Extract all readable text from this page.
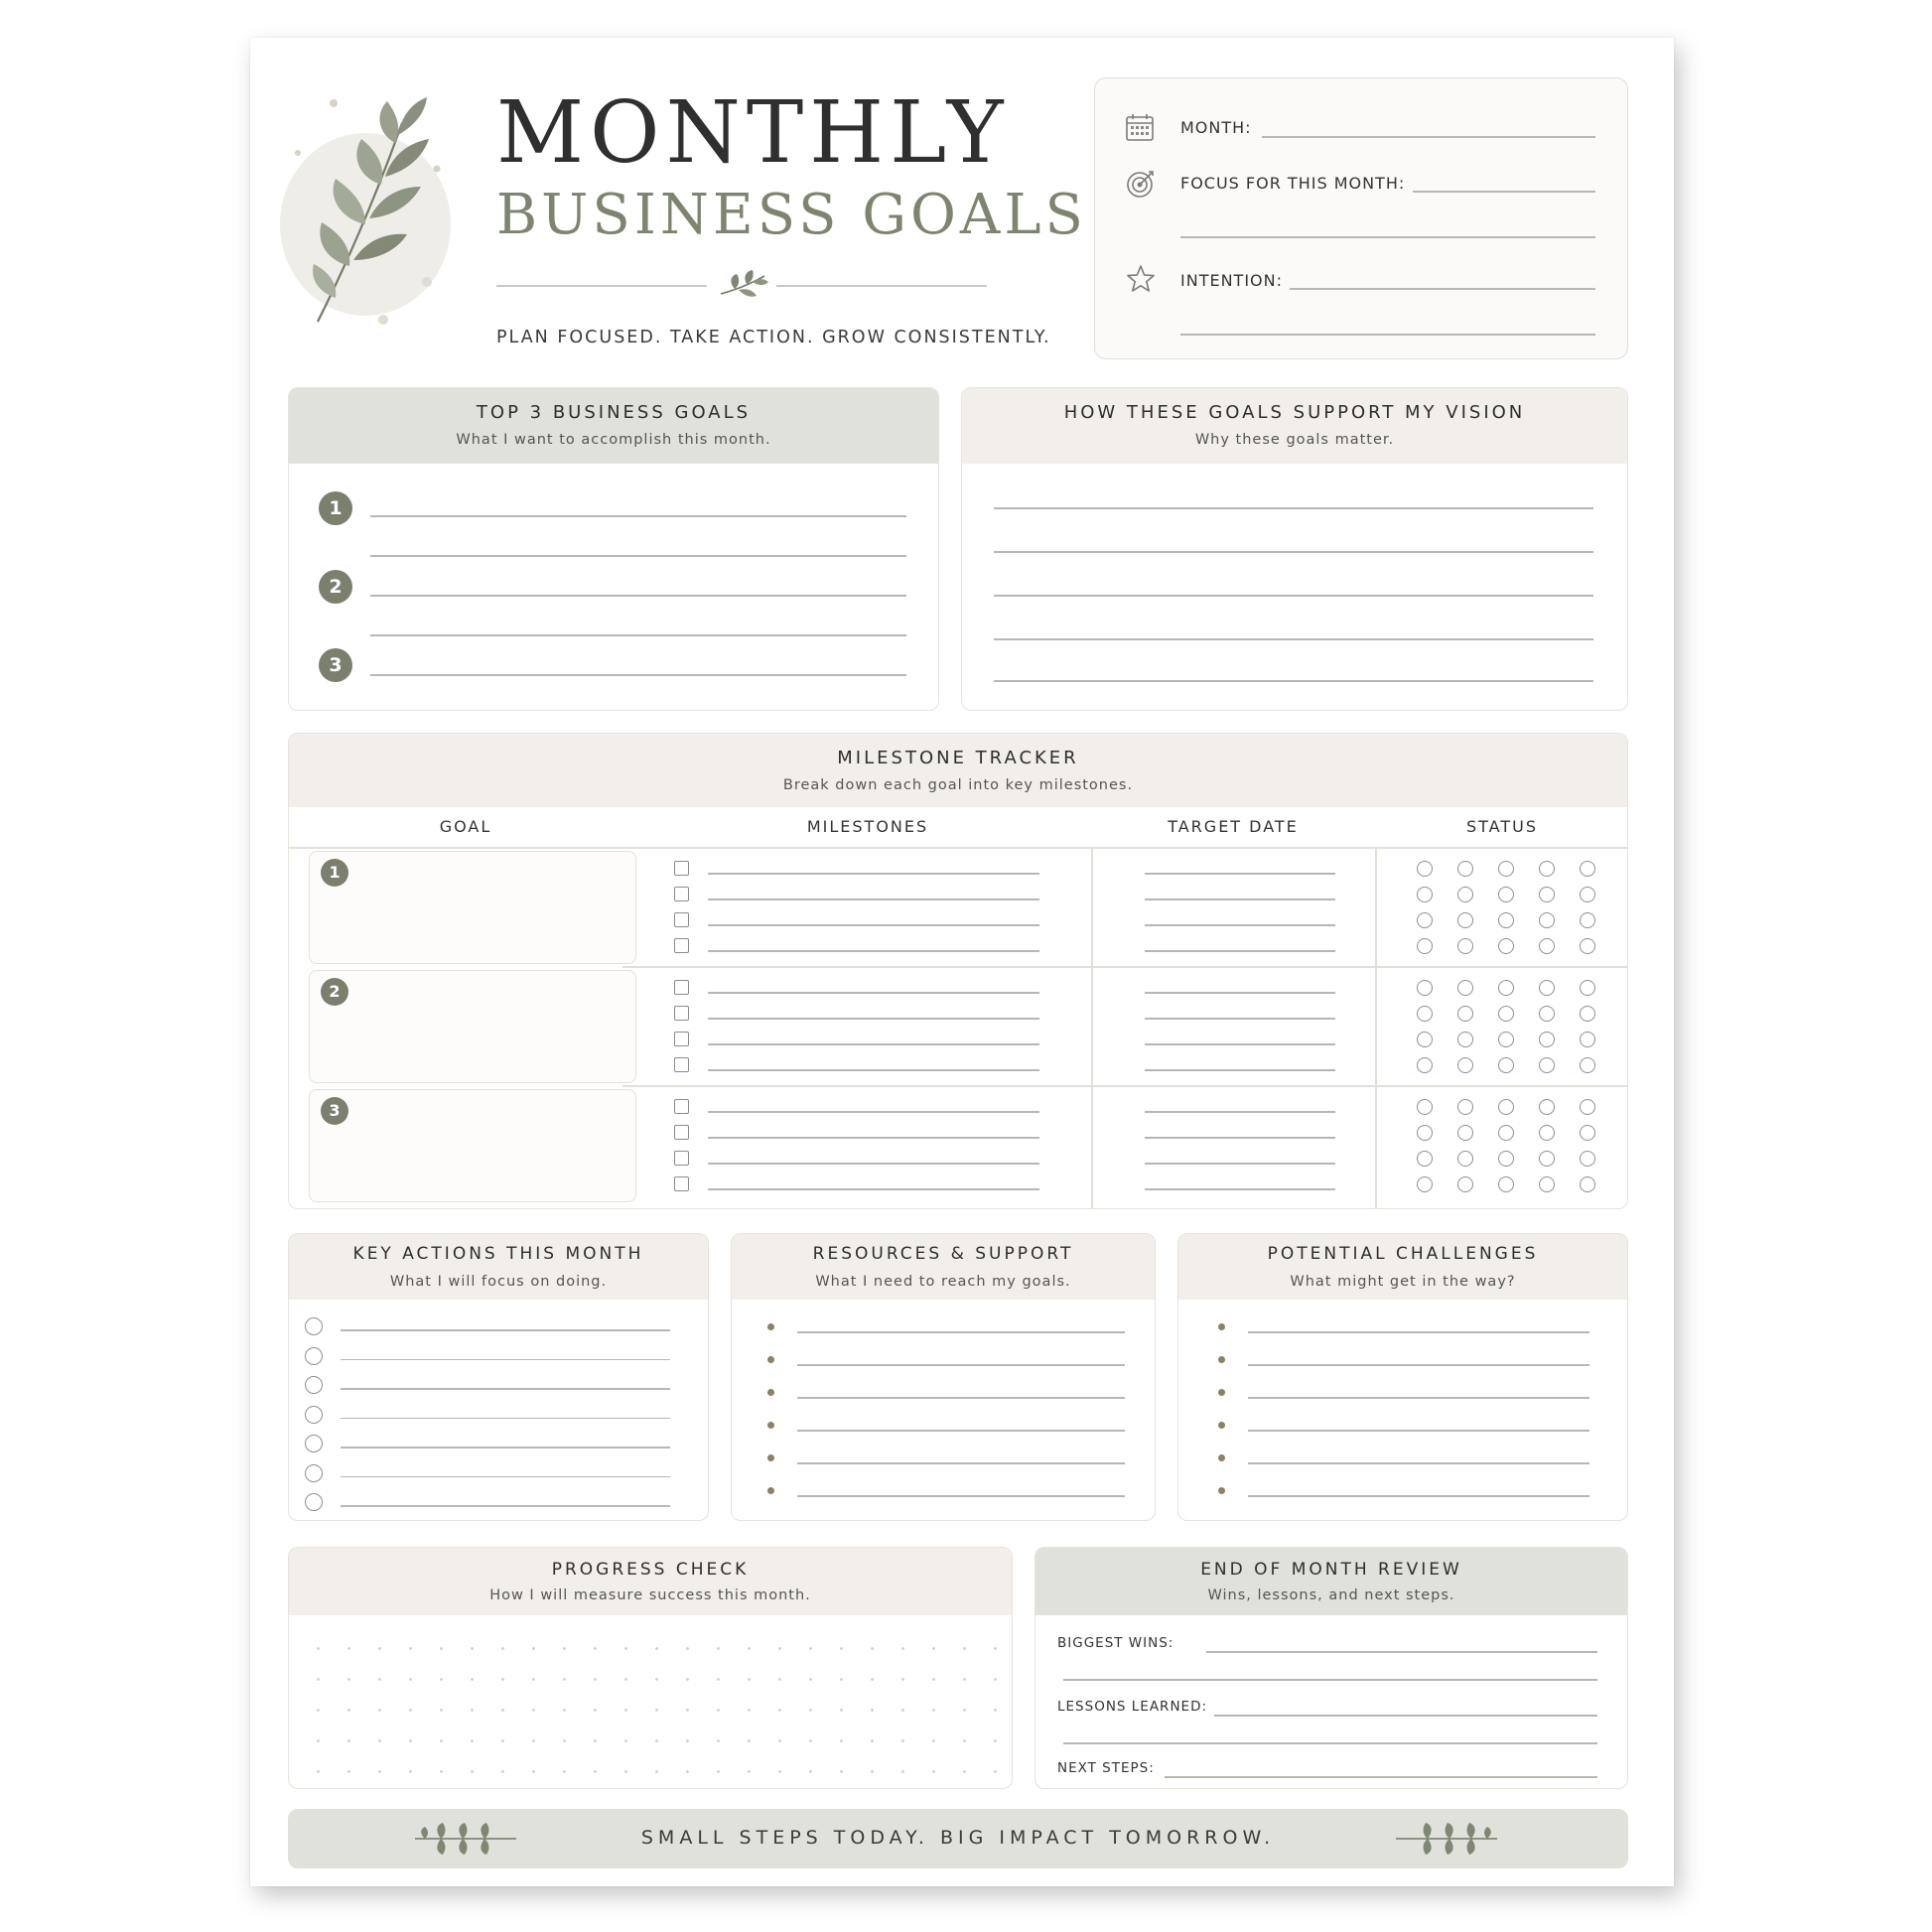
MONTHLY
BUSINESS GOALS
PLAN FOCUSED. TAKE ACTION. GROW CONSISTENTLY.
MONTH:
FOCUS FOR THIS MONTH:
INTENTION:
TOP 3 BUSINESS GOALS
What I want to accomplish this month.
1
2
3
HOW THESE GOALS SUPPORT MY VISION
Why these goals matter.
MILESTONE TRACKER
Break down each goal into key milestones.
GOAL	MILESTONES	TARGET DATE	STATUS
1
2
3
KEY ACTIONS THIS MONTH
What I will focus on doing.
RESOURCES & SUPPORT
What I need to reach my goals.
POTENTIAL CHALLENGES
What might get in the way?
PROGRESS CHECK
How I will measure success this month.
END OF MONTH REVIEW
Wins, lessons, and next steps.
BIGGEST WINS:
LESSONS LEARNED:
NEXT STEPS:
SMALL STEPS TODAY. BIG IMPACT TOMORROW.
